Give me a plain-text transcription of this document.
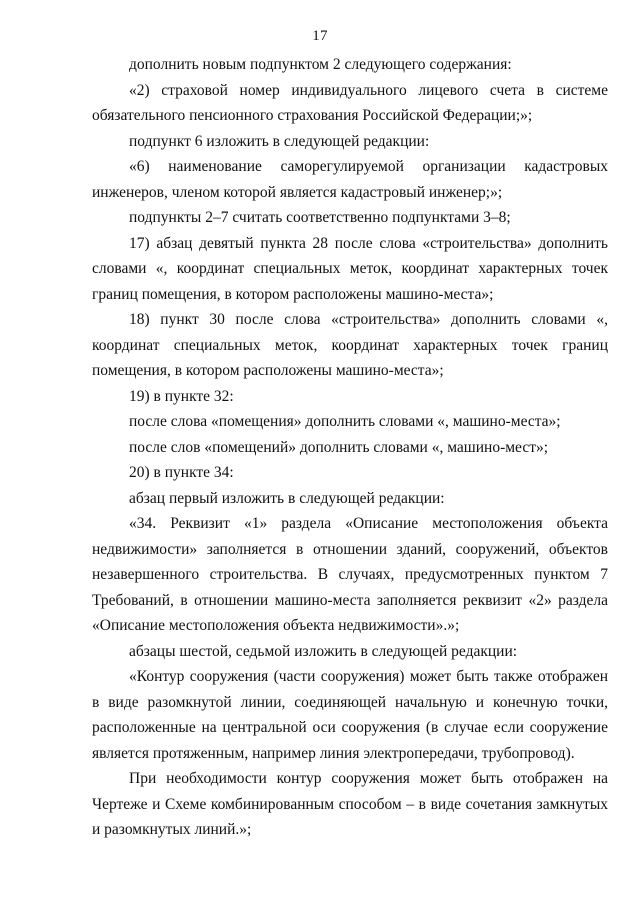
17

дополнить новым подпунктом 2 следующего содержания:

«2) страховой номер индивидуального лицевого счета в системе обязательного пенсионного страхования Российской Федерации;»;

подпункт 6 изложить в следующей редакции:

«6) наименование саморегулируемой организации кадастровых инженеров, членом которой является кадастровый инженер;»;

подпункты 2–7 считать соответственно подпунктами 3–8;

17) абзац девятый пункта 28 после слова «строительства» дополнить словами «, координат специальных меток, координат характерных точек границ помещения, в котором расположены машино-места»;

18) пункт 30 после слова «строительства» дополнить словами «, координат специальных меток, координат характерных точек границ помещения, в котором расположены машино-места»;

19) в пункте 32:

после слова «помещения» дополнить словами «, машино-места»;

после слов «помещений» дополнить словами «, машино-мест»;

20) в пункте 34:

абзац первый изложить в следующей редакции:

«34. Реквизит «1» раздела «Описание местоположения объекта недвижимости» заполняется в отношении зданий, сооружений, объектов незавершенного строительства. В случаях, предусмотренных пунктом 7 Требований, в отношении машино-места заполняется реквизит «2» раздела «Описание местоположения объекта недвижимости».»;

абзацы шестой, седьмой изложить в следующей редакции:

«Контур сооружения (части сооружения) может быть также отображен в виде разомкнутой линии, соединяющей начальную и конечную точки, расположенные на центральной оси сооружения (в случае если сооружение является протяженным, например линия электропередачи, трубопровод).

При необходимости контур сооружения может быть отображен на Чертеже и Схеме комбинированным способом – в виде сочетания замкнутых и разомкнутых линий.»;
